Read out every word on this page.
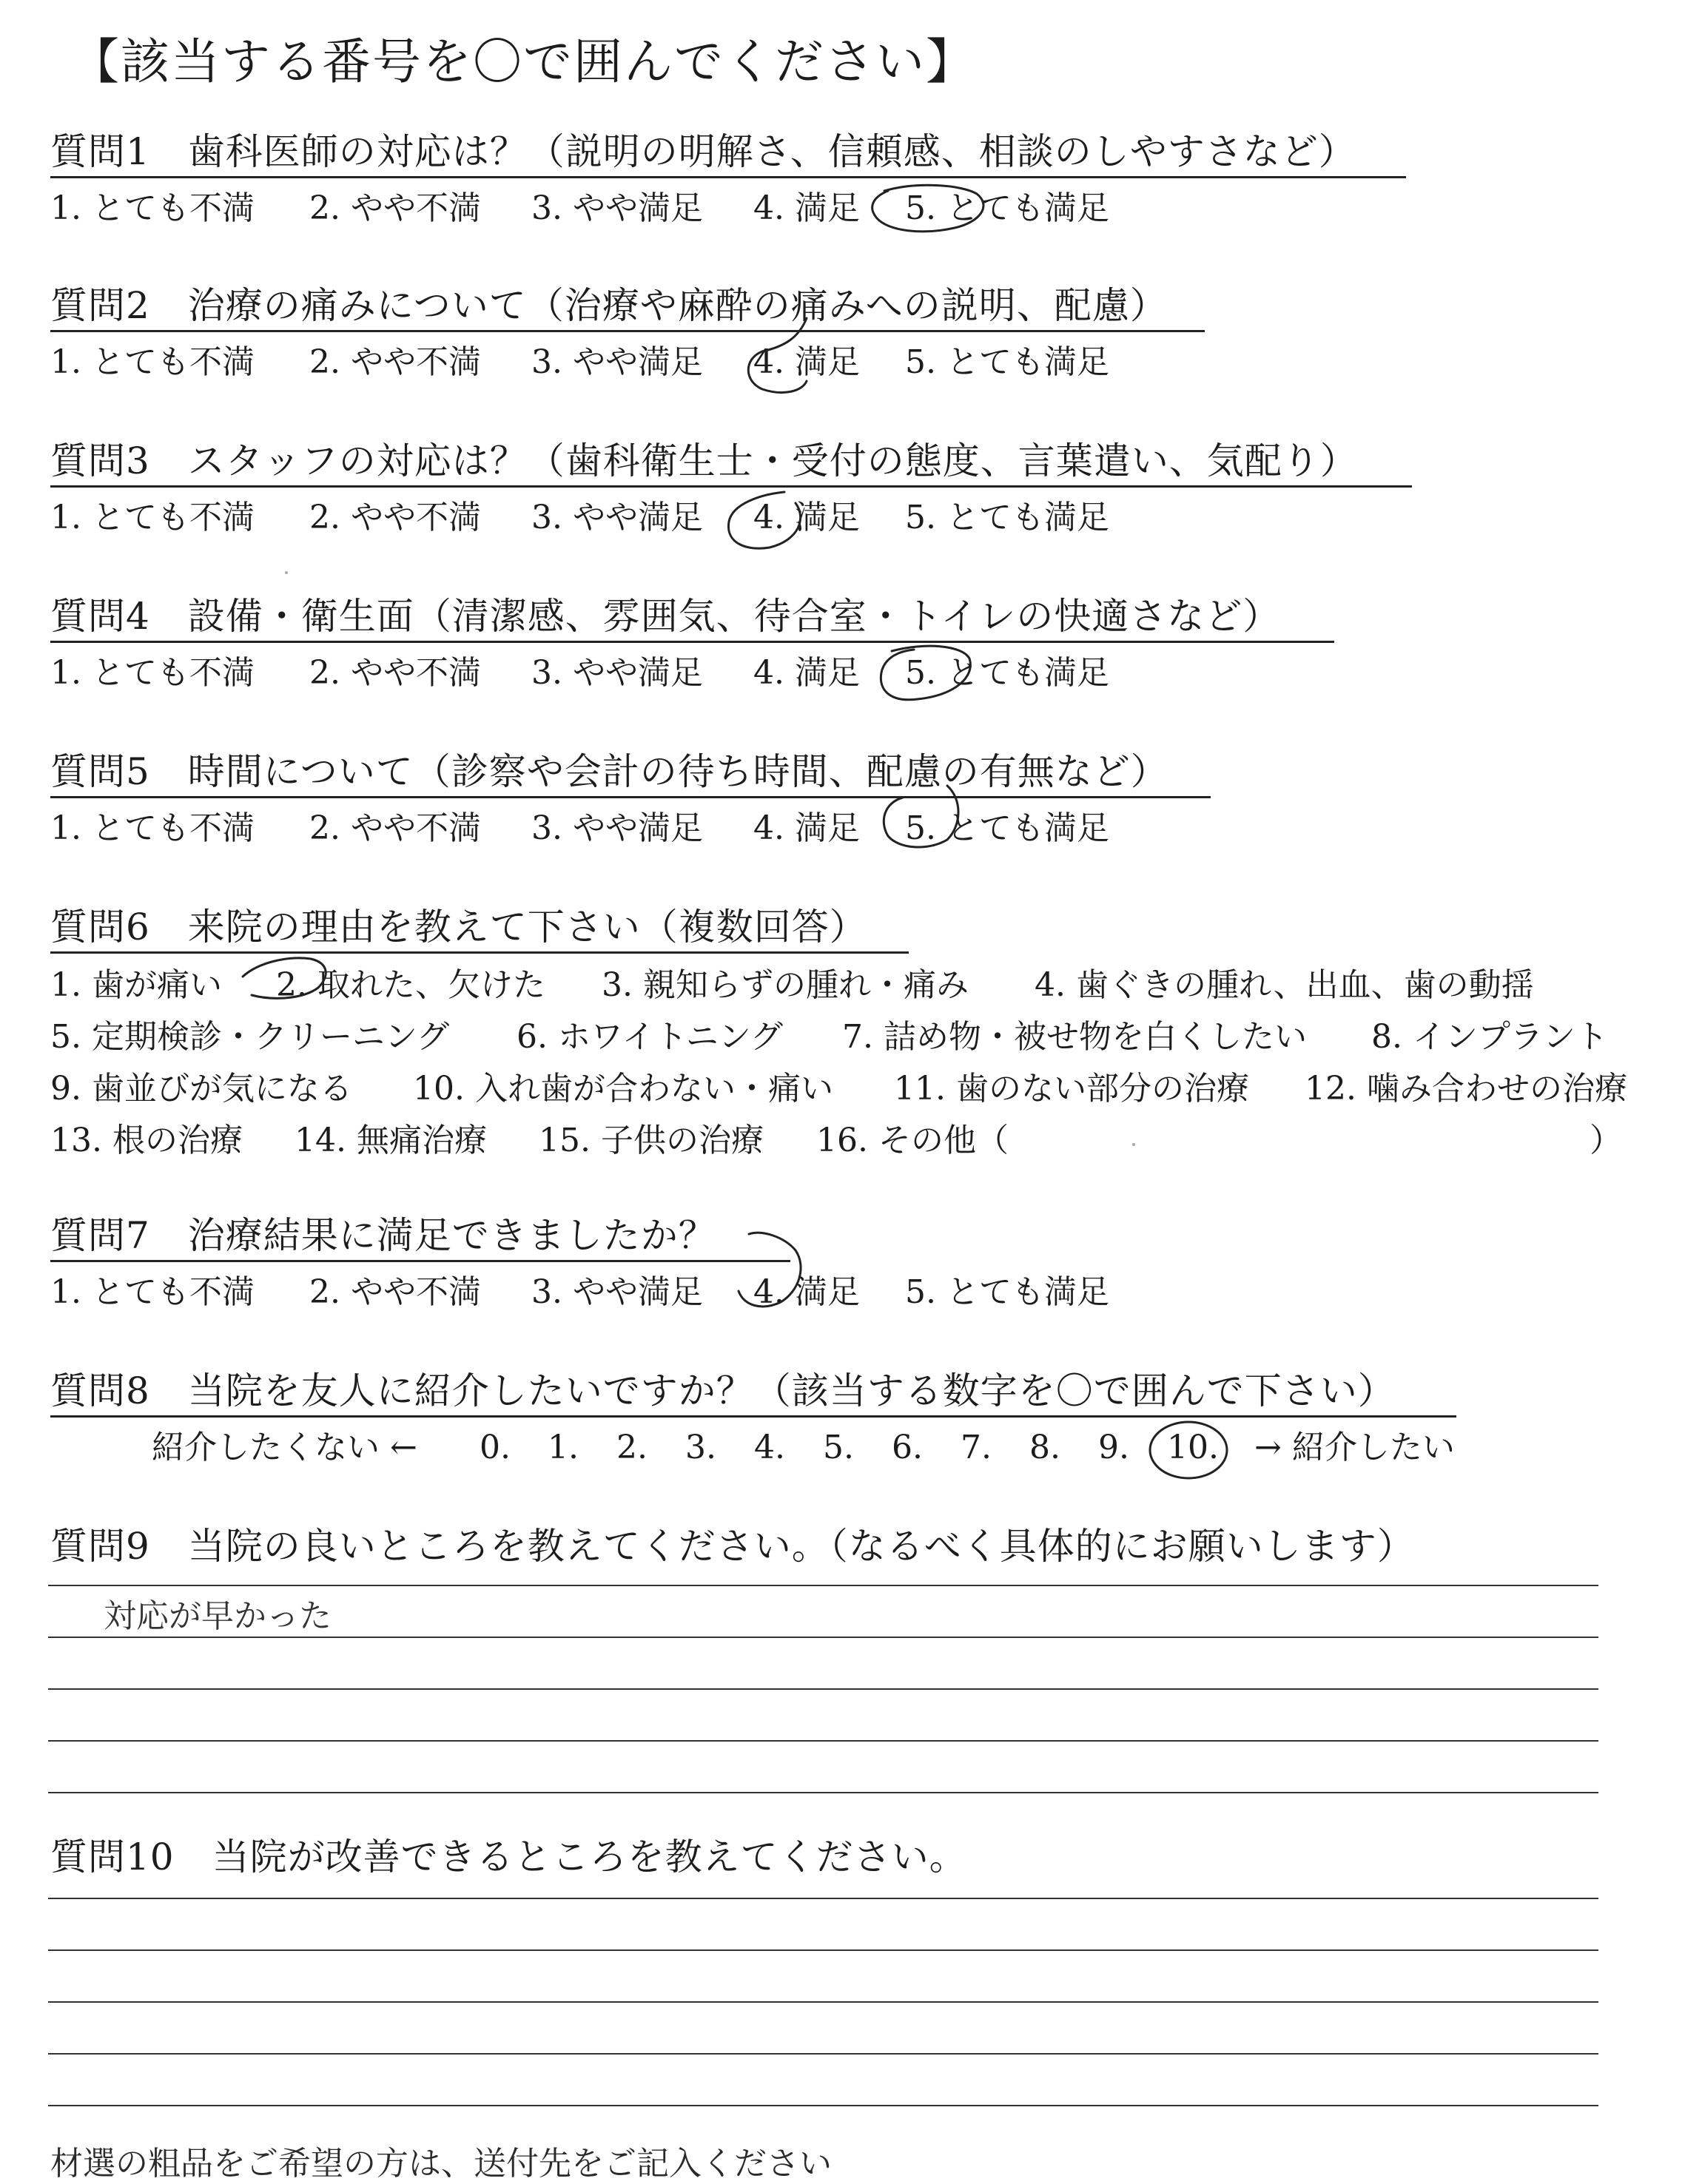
【該当する番号を〇で囲んでください】
質問1　歯科医師の対応は？（説明の明解さ、信頼感、相談のしやすさなど）
1. とても不満 2. やや不満 3. やや満足 4. 満足 5. とても満足
質問2　治療の痛みについて（治療や麻酔の痛みへの説明、配慮）
1. とても不満 2. やや不満 3. やや満足 4. 満足 5. とても満足
質問3　スタッフの対応は？（歯科衛生士・受付の態度、言葉遣い、気配り）
1. とても不満 2. やや不満 3. やや満足 4. 満足 5. とても満足
質問4　設備・衛生面（清潔感、雰囲気、待合室・トイレの快適さなど）
1. とても不満 2. やや不満 3. やや満足 4. 満足 5. とても満足
質問5　時間について（診察や会計の待ち時間、配慮の有無など）
1. とても不満 2. やや不満 3. やや満足 4. 満足 5. とても満足
質問6　来院の理由を教えて下さい（複数回答）
1. 歯が痛い 2. 取れた、欠けた 3. 親知らずの腫れ・痛み 4. 歯ぐきの腫れ、出血、歯の動揺
5. 定期検診・クリーニング 6. ホワイトニング 7. 詰め物・被せ物を白くしたい 8. インプラント
9. 歯並びが気になる 10. 入れ歯が合わない・痛い 11. 歯のない部分の治療 12. 噛み合わせの治療
13. 根の治療 14. 無痛治療 15. 子供の治療 16. その他（	）
質問7　治療結果に満足できましたか？
1. とても不満 2. やや不満 3. やや満足 4. 満足 5. とても満足
質問8　当院を友人に紹介したいですか？（該当する数字を〇で囲んで下さい）
紹介したくない ← 0. 1. 2. 3. 4. 5. 6. 7. 8. 9. 10. → 紹介したい
質問9　当院の良いところを教えてください。（なるべく具体的にお願いします）
対応が早かった
質問10　当院が改善できるところを教えてください。
材選の粗品をご希望の方は、送付先をご記入ください
